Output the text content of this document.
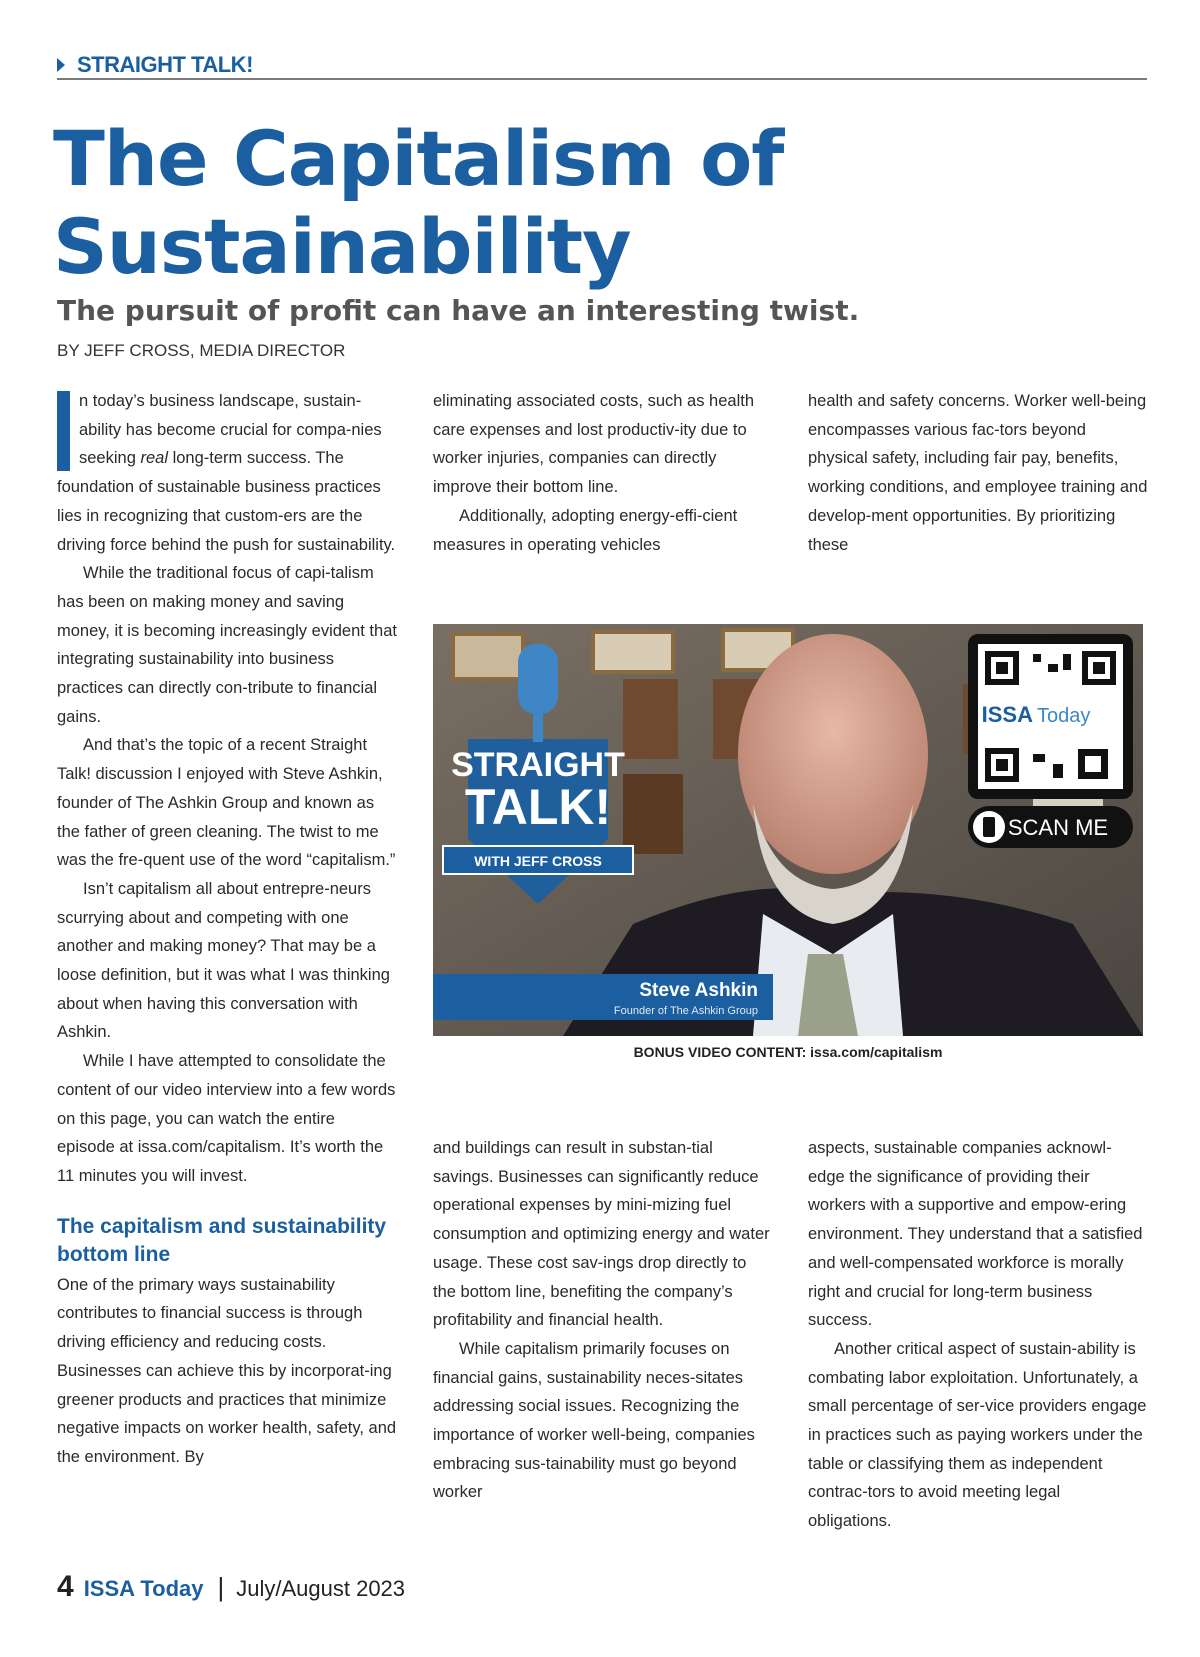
STRAIGHT TALK!
The Capitalism of
Sustainability
The pursuit of profit can have an interesting twist.
BY JEFF CROSS, MEDIA DIRECTOR

n today’s business landscape, sustain-ability has become crucial for compa-nies seeking real long-term success. The foundation of sustainable business practices lies in recognizing that custom-ers are the driving force behind the push for sustainability.

While the traditional focus of capi-talism has been on making money and saving money, it is becoming increasingly evident that integrating sustainability into business practices can directly con-tribute to financial gains.

And that’s the topic of a recent Straight Talk! discussion I enjoyed with Steve Ashkin, founder of The Ashkin Group and known as the father of green cleaning. The twist to me was the fre-quent use of the word “capitalism.”

Isn’t capitalism all about entrepre-neurs scurrying about and competing with one another and making money? That may be a loose definition, but it was what I was thinking about when having this conversation with Ashkin.

While I have attempted to consolidate the content of our video interview into a few words on this page, you can watch the entire episode at issa.com/capitalism. It’s worth the 11 minutes you will invest.

The capitalism and sustainability bottom line

One of the primary ways sustainability contributes to financial success is through driving efficiency and reducing costs. Businesses can achieve this by incorporat-ing greener products and practices that minimize negative impacts on worker health, safety, and the environment. By

eliminating associated costs, such as health care expenses and lost productiv-ity due to worker injuries, companies can directly improve their bottom line.

Additionally, adopting energy-effi-cient measures in operating vehicles

health and safety concerns. Worker well-being encompasses various fac-tors beyond physical safety, including fair pay, benefits, working conditions, and employee training and develop-ment opportunities. By prioritizing these

STRAIGHT
TALK!
WITH JEFF CROSS
ISSA Today
SCAN ME
Steve Ashkin
Founder of The Ashkin Group
BONUS VIDEO CONTENT: issa.com/capitalism

and buildings can result in substan-tial savings. Businesses can significantly reduce operational expenses by mini-mizing fuel consumption and optimizing energy and water usage. These cost sav-ings drop directly to the bottom line, benefiting the company’s profitability and financial health.

While capitalism primarily focuses on financial gains, sustainability neces-sitates addressing social issues. Recognizing the importance of worker well-being, companies embracing sus-tainability must go beyond worker

aspects, sustainable companies acknowl-edge the significance of providing their workers with a supportive and empow-ering environment. They understand that a satisfied and well-compensated workforce is morally right and crucial for long-term business success.

Another critical aspect of sustain-ability is combating labor exploitation. Unfortunately, a small percentage of ser-vice providers engage in practices such as paying workers under the table or classifying them as independent contrac-tors to avoid meeting legal obligations.

4 ISSA Today | July/August 2023
